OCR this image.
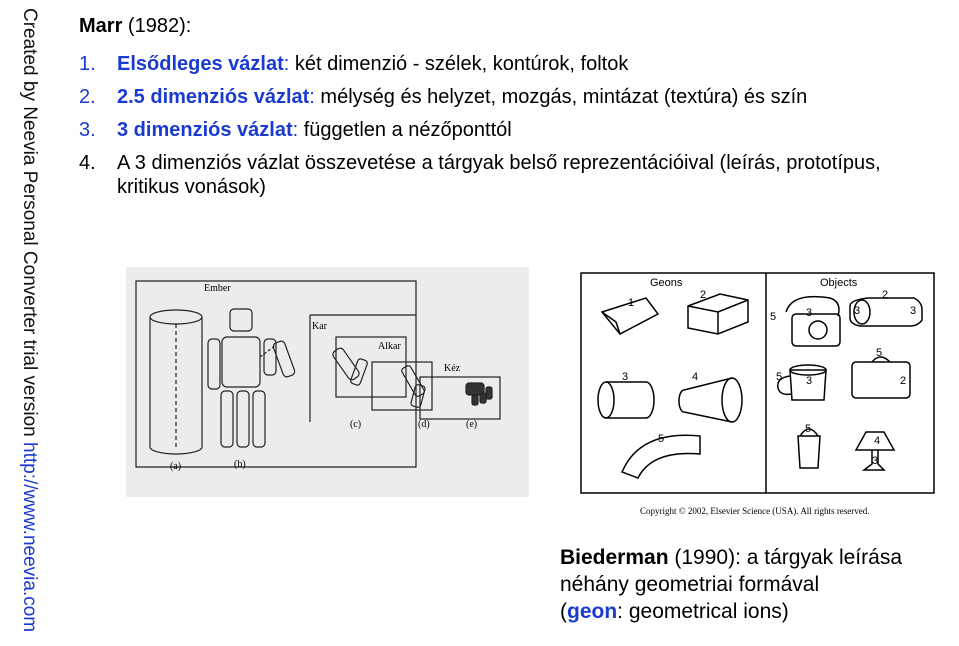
Created by Neevia Personal Converter trial version http://www.neevia.com
Marr (1982):
1. Elsődleges vázlat: két dimenzió - szélek, kontúrok, foltok
2. 2.5 dimenziós vázlat: mélység és helyzet, mozgás, mintázat (textúra) és szín
3. 3 dimenziós vázlat: független a nézőponttól
4. A 3 dimenziós vázlat összevetése a tárgyak belső reprezentációival (leírás, prototípus, kritikus vonások)
Ember
Kar
Alkar
Kéz
(a)	(b)
(c)	(d)	(e)
Geons	Objects
1
2
3	4
5
5	3
2
3	3
5 3
5
2
5
4
3
Copyright © 2002, Elsevier Science (USA). All rights reserved.
Biederman (1990): a tárgyak leírása
néhány geometriai formával
(geon: geometrical ions)
